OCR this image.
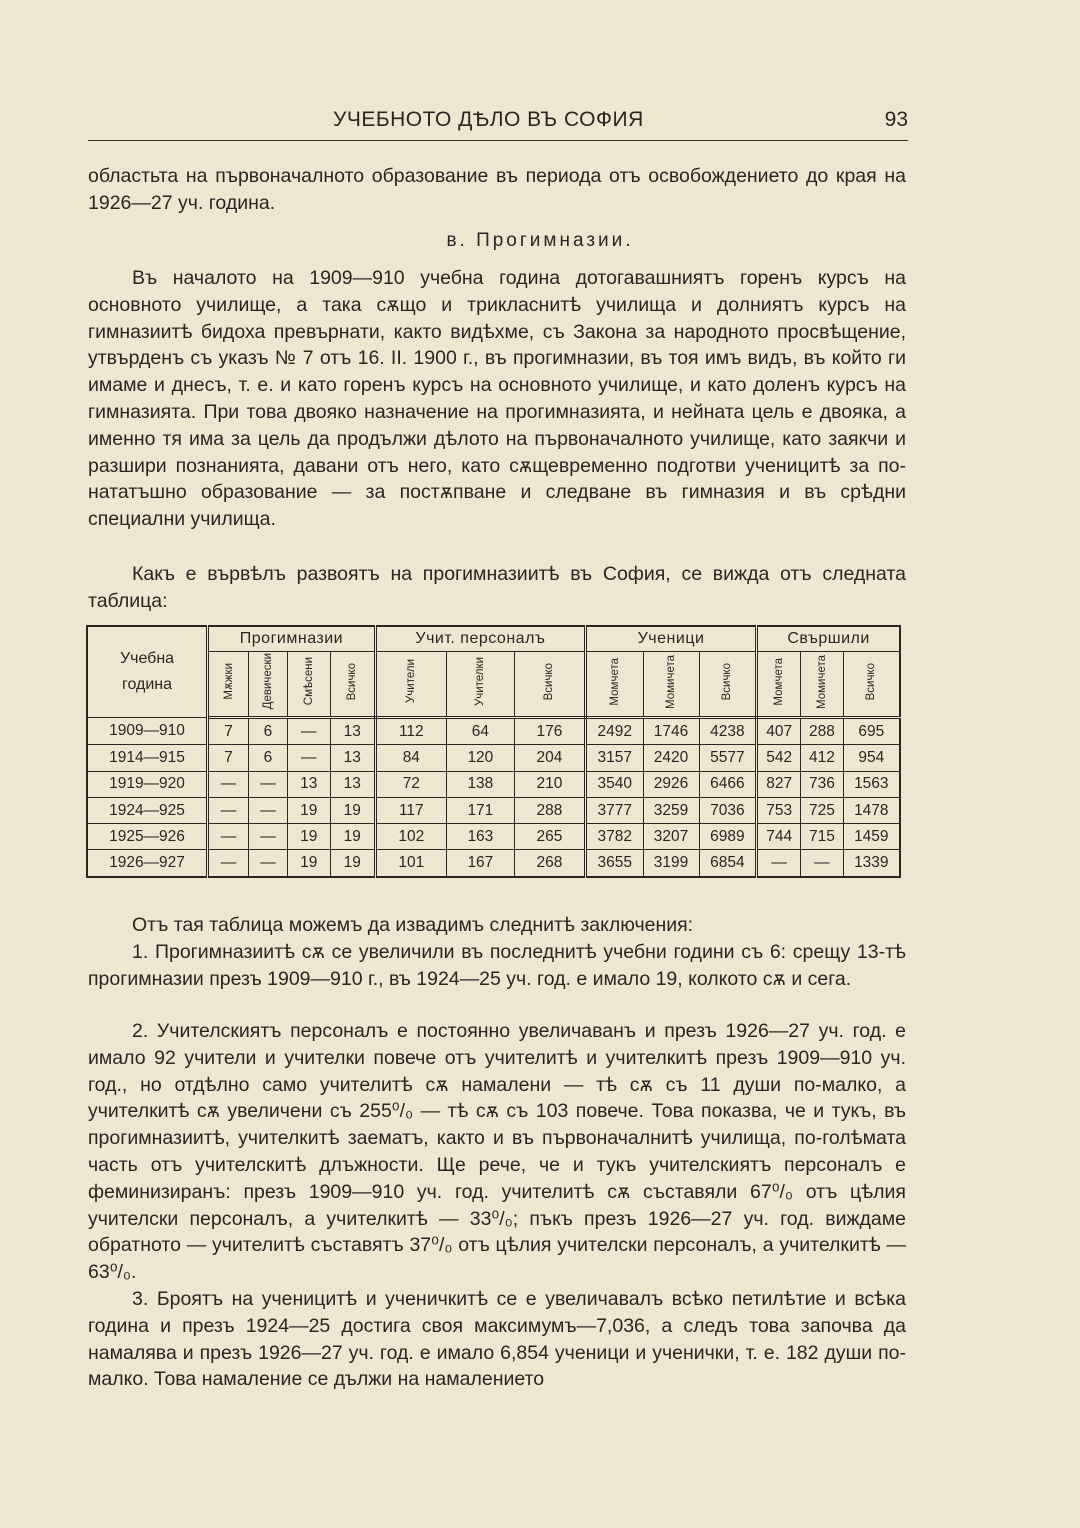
УЧЕБНОТО ДѢЛО ВЪ СОФИЯ	93

областьта на първоначалното образование въ периода отъ освобождението до края на 1926—27 уч. година.

в. Прогимназии.

Въ началото на 1909—910 учебна година дотогавашниятъ горенъ курсъ на основното училище, а така сѫщо и трикласнитѣ училища и долниятъ курсъ на гимназиитѣ бидоха превърнати, както видѣхме, съ Закона за народното просвѣщение, утвърденъ съ указъ № 7 отъ 16. II. 1900 г., въ прогимназии, въ тоя имъ видъ, въ който ги имаме и днесъ, т. е. и като горенъ курсъ на основното училище, и като доленъ курсъ на гимназията. При това двояко назначение на прогимназията, и нейната цель е двояка, а именно тя има за цель да продължи дѣлото на първоначалното училище, като заякчи и разшири познанията, давани отъ него, като сѫщевременно подготви ученицитѣ за по-нататъшно образование — за постѫпване и следване въ гимназия и въ срѣдни специални училища.

Какъ е вървѣлъ развоятъ на прогимназиитѣ въ София, се вижда отъ следната таблица:

Учебна
година	Прогимназии				Учит. персоналъ			Ученици			Свършили		
	Мѫжки	Девически	Смѣсени	Всичко	Учители	Учителки	Всичко	Момчета	Момичета	Всичко	Момчета	Момичета	Всичко
1909—910	7	6	—	13	112	64	176	2492	1746	4238	407	288	695
1914—915	7	6	—	13	84	120	204	3157	2420	5577	542	412	954
1919—920	—	—	13	13	72	138	210	3540	2926	6466	827	736	1563
1924—925	—	—	19	19	117	171	288	3777	3259	7036	753	725	1478
1925—926	—	—	19	19	102	163	265	3782	3207	6989	744	715	1459
1926—927	—	—	19	19	101	167	268	3655	3199	6854	—	—	1339

Отъ тая таблица можемъ да извадимъ следнитѣ заключения:

1. Прогимназиитѣ сѫ се увеличили въ последнитѣ учебни години съ 6: срещу 13-тѣ прогимназии презъ 1909—910 г., въ 1924—25 уч. год. е имало 19, колкото сѫ и сега.

2. Учителскиятъ персоналъ е постоянно увеличаванъ и презъ 1926—27 уч. год. е имало 92 учители и учителки повече отъ учителитѣ и учителкитѣ презъ 1909—910 уч. год., но отдѣлно само учителитѣ сѫ намалени — тѣ сѫ съ 11 души по-малко, а учителкитѣ сѫ увеличени съ 255⁰/₀ — тѣ сѫ съ 103 повече. Това показва, че и тукъ, въ прогимназиитѣ, учителкитѣ заематъ, както и въ първоначалнитѣ училища, по-голѣмата часть отъ учителскитѣ длъжности. Ще рече, че и тукъ учителскиятъ персоналъ е феминизиранъ: презъ 1909—910 уч. год. учителитѣ сѫ съставяли 67⁰/₀ отъ цѣлия учителски персоналъ, а учителкитѣ — 33⁰/₀; пъкъ презъ 1926—27 уч. год. виждаме обратното — учителитѣ съставятъ 37⁰/₀ отъ цѣлия учителски персоналъ, а учителкитѣ — 63⁰/₀.

3. Броятъ на ученицитѣ и ученичкитѣ се е увеличавалъ всѣко петилѣтие и всѣка година и презъ 1924—25 достига своя максимумъ—7,036, а следъ това започва да намалява и презъ 1926—27 уч. год. е имало 6,854 ученици и ученички, т. е. 182 души по-малко. Това намаление се дължи на намалението
